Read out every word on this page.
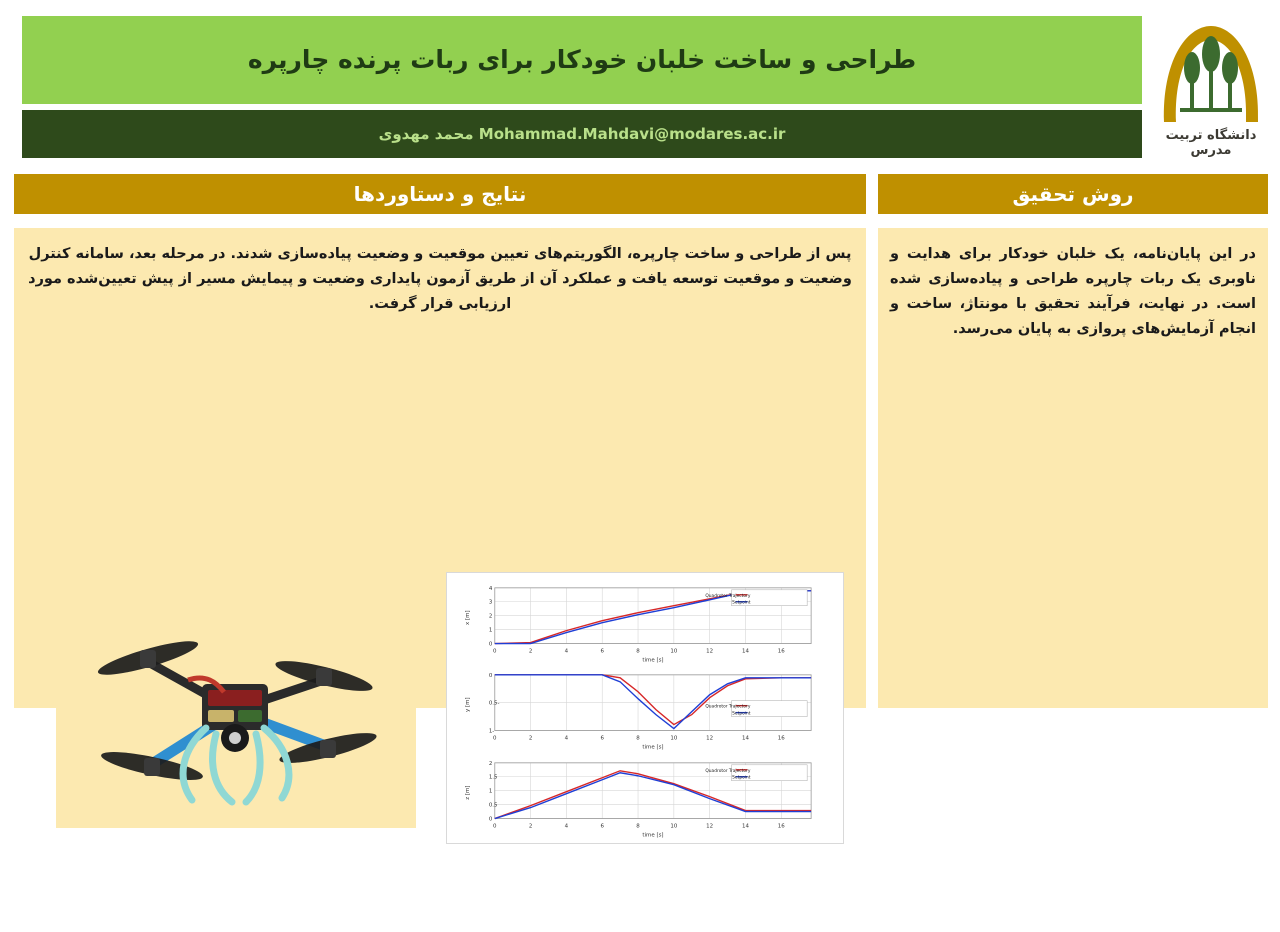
طراحی و ساخت خلبان خودکار برای ربات پرنده چارپره
Mohammad.Mahdavi@modares.ac.ir محمد مهدوی	دانشگاه تربیت مدرس
نتایج و دستاوردها	روش تحقیق
پس از طراحی و ساخت چارپره، الگوریتم‌های تعیین موقعیت و وضعیت پیاده‌سازی شدند. در مرحله بعد، سامانه کنترل وضعیت و موقعیت توسعه یافت و عملکرد آن از طریق آزمون پایداری وضعیت و پیمایش مسیر از پیش تعیین‌شده مورد ارزیابی قرار گرفت.
0
1
2
3
4
0	2	4	6	8	10	12	14	16
time [s]
x [m]
Quadrotor Trajectory
Setpoint
0
-0.5
-1
0	2	4	6	8	10	12	14	16
time [s]
y [m]	Quadrotor Trajectory
Setpoint
0
0.5
1
1.5
2
0	2	4	6	8	10	12	14	16
time [s]
z [m]
Quadrotor Trajectory
Setpoint
در این پایان‌نامه، یک خلبان خودکار برای هدایت و ناوبری یک ربات چارپره طراحی و پیاده‌سازی شده است. در نهایت، فرآیند تحقیق با مونتاژ، ساخت و انجام آزمایش‌های پروازی به پایان می‌رسد.
